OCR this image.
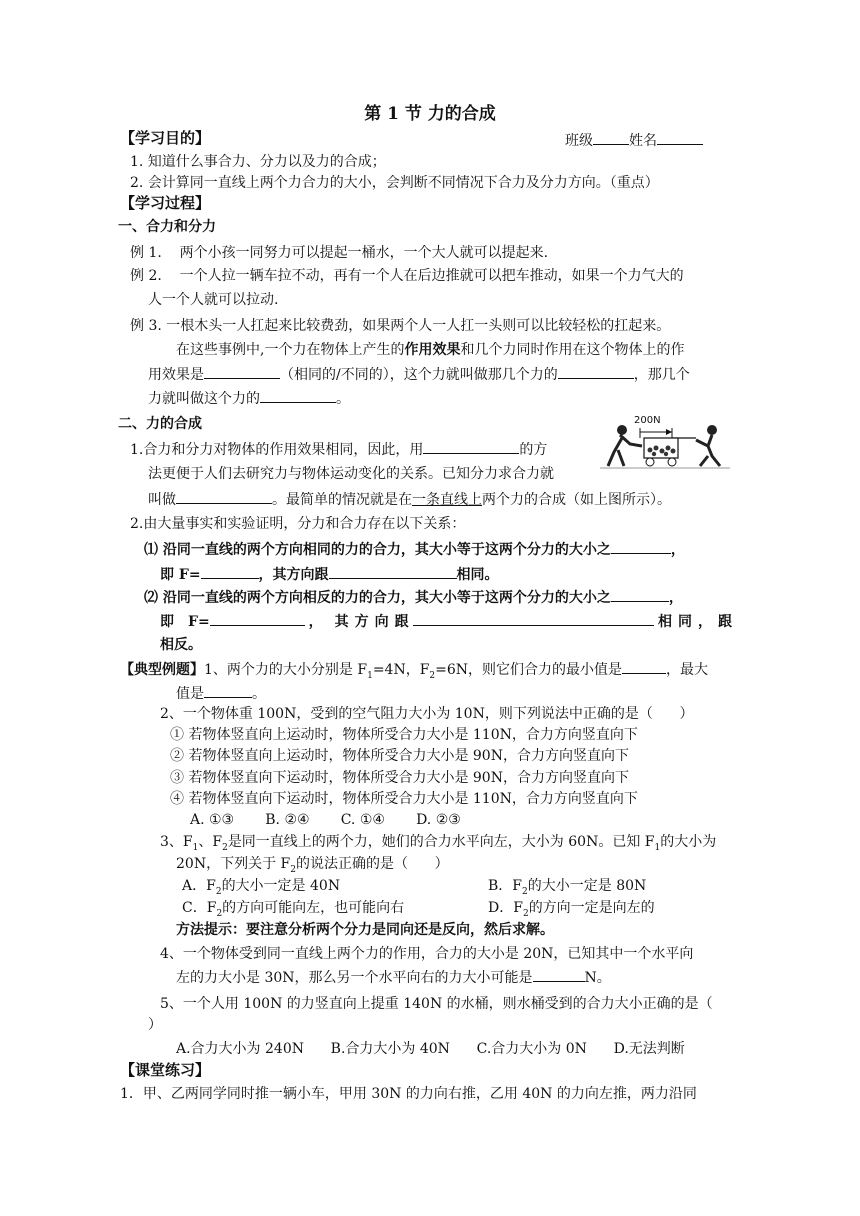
第 1 节 力的合成
【学习目的】	班级	姓名
1. 知道什么事合力、分力以及力的合成；
2. 会计算同一直线上两个力合力的大小，会判断不同情况下合力及分力方向。（重点）
【学习过程】
一、合力和分力
例 1.    两个小孩一同努力可以提起一桶水，一个大人就可以提起来.
例 2.    一个人拉一辆车拉不动，再有一个人在后边推就可以把车推动，如果一个力气大的
人一个人就可以拉动.
例 3. 一根木头一人扛起来比较费劲，如果两个人一人扛一头则可以比较轻松的扛起来。
在这些事例中,一个力在物体上产生的作用效果和几个力同时作用在这个物体上的作
用效果是	（相同的/不同的），这个力就叫做那几个力的	，那几个
力就叫做这个力的	。
二、力的合成	200N
1.合力和分力对物体的作用效果相同，因此，用	的方
法更便于人们去研究力与物体运动变化的关系。已知分力求合力就
叫做	。最简单的情况就是在一条直线上两个力的合成（如上图所示）。
2.由大量事实和实验证明，分力和合力存在以下关系：
⑴ 沿同一直线的两个方向相同的力的合力，其大小等于这两个分力的大小之	，
即 F=	，其方向跟	相同。
⑵ 沿同一直线的两个方向相反的力的合力，其大小等于这两个分力的大小之	，
即 F=	， 其 方 向 跟	相 同 ， 跟
相反。
【典型例题】1、两个力的大小分别是 $F_1=4N$，$F_2=6N$，则它们合力的最小值是	，最大
值是	。
2、一个物体重 100N，受到的空气阻力大小为 10N，则下列说法中正确的是（      ）
① 若物体竖直向上运动时，物体所受合力大小是 110N，合力方向竖直向下
② 若物体竖直向上运动时，物体所受合力大小是 90N，合力方向竖直向下
③ 若物体竖直向下运动时，物体所受合力大小是 90N，合力方向竖直向下
④ 若物体竖直向下运动时，物体所受合力大小是 110N，合力方向竖直向下
A. ①③       B. ②④       C. ①④       D. ②③
3、$F_1$、$F_2$是同一直线上的两个力，她们的合力水平向左，大小为 60N。已知 $F_1$的大小为
20N，下列关于 $F_2$的说法正确的是（      ）
A．$F_2$的大小一定是 40N	B．$F_2$的大小一定是 80N
C．$F_2$的方向可能向左，也可能向右	D．$F_2$的方向一定是向左的
方法提示：要注意分析两个分力是同向还是反向，然后求解。
4、一个物体受到同一直线上两个力的作用，合力的大小是 20N，已知其中一个水平向
左的力大小是 30N，那么另一个水平向右的力大小可能是	N。
5、一个人用 100N 的力竖直向上提重 140N 的水桶，则水桶受到的合力大小正确的是（
）
A.合力大小为 240N      B.合力大小为 40N      C.合力大小为 0N      D.无法判断
【课堂练习】
1．甲、乙两同学同时推一辆小车，甲用 30N 的力向右推，乙用 40N 的力向左推，两力沿同
